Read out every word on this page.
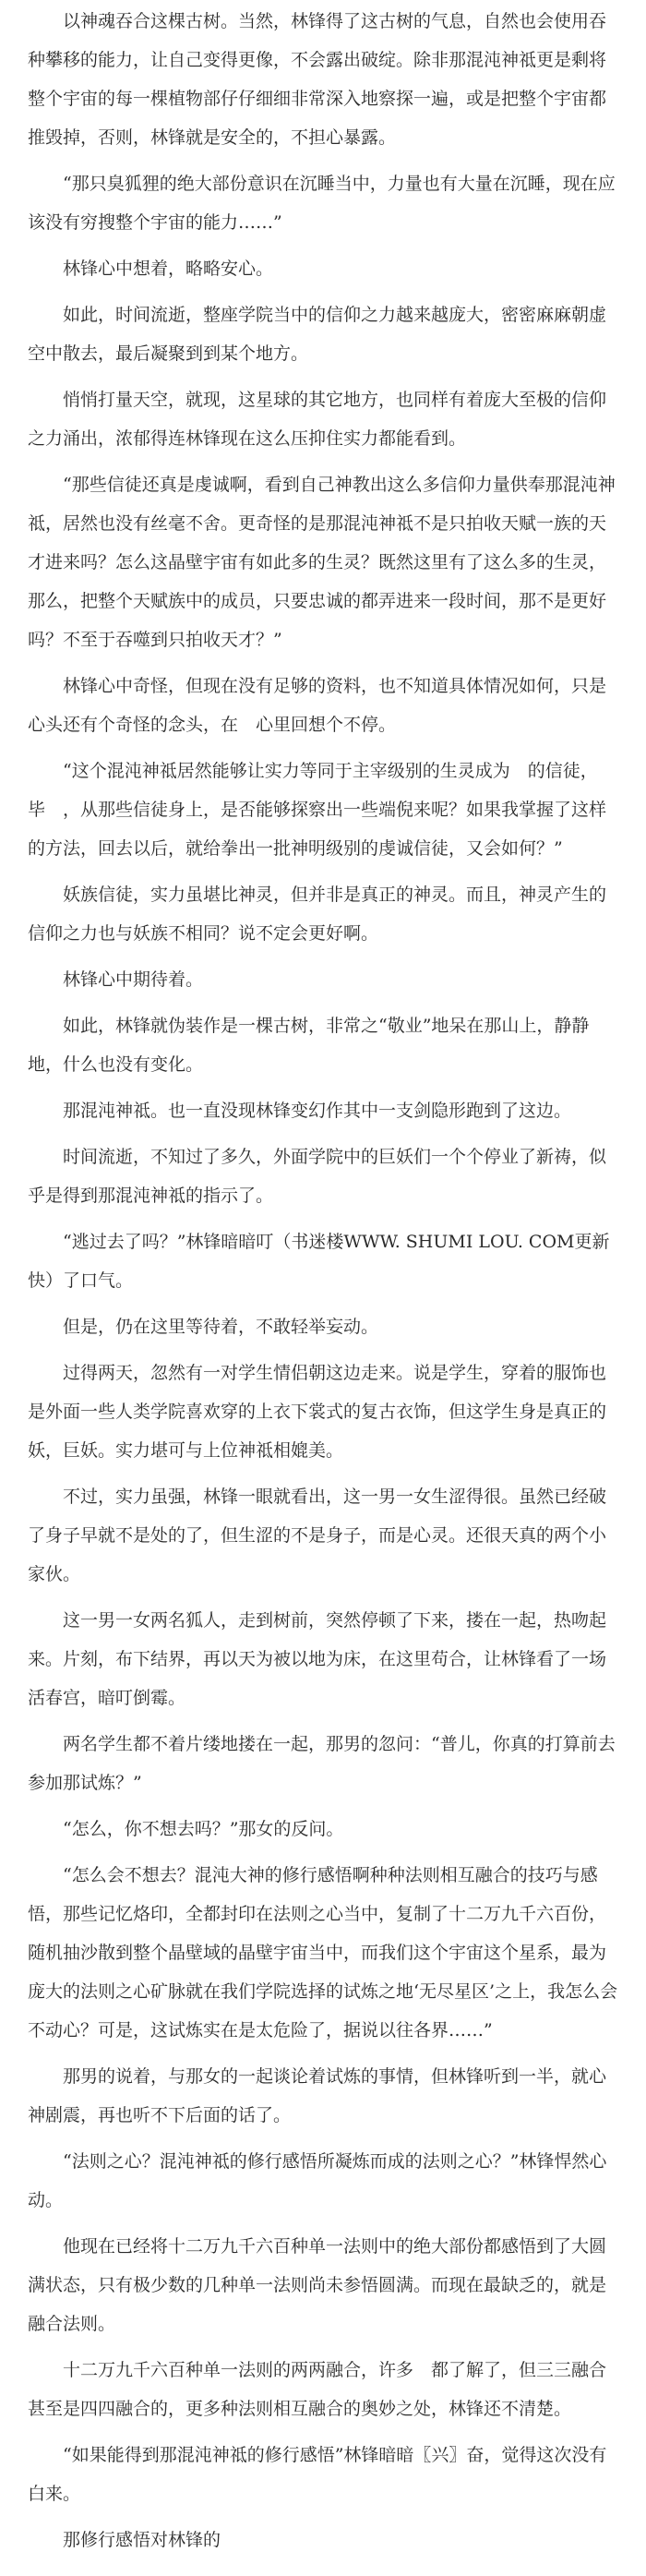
　　以神魂吞合这棵古树。当然，林锋得了这古树的气息，自然也会使用吞种攀移的能力，让自己变得更像，不会露出破绽。除非那混沌神祗更是剩将整个宇宙的每一棵植物部仔仔细细非常深入地察探一遍，或是把整个宇宙都推毁掉，否则，林锋就是安全的，不担心暴露。

　　“那只臭狐狸的绝大部份意识在沉睡当中，力量也有大量在沉睡，现在应该没有穷搜整个宇宙的能力……”

　　林锋心中想着，略略安心。

　　如此，时间流逝，整座学院当中的信仰之力越来越庞大，密密麻麻朝虚空中散去，最后凝聚到到某个地方。

　　悄悄打量天空，就现，这星球的其它地方，也同样有着庞大至极的信仰之力涌出，浓郁得连林锋现在这么压抑住实力都能看到。

　　“那些信徒还真是虔诚啊，看到自己神教出这么多信仰力量供奉那混沌神祗，居然也没有丝毫不舍。更奇怪的是那混沌神祗不是只拍收天赋一族的天才进来吗？怎么这晶壁宇宙有如此多的生灵？既然这里有了这么多的生灵，那么，把整个天赋族中的成员，只要忠诚的都弄进来一段时间，那不是更好吗？不至于吞噬到只拍收天才？”

　　林锋心中奇怪，但现在没有足够的资料，也不知道具体情况如何，只是心头还有个奇怪的念头，在　心里回想个不停。

　　“这个混沌神祗居然能够让实力等同于主宰级别的生灵成为　的信徒，毕　，从那些信徒身上，是否能够探察出一些端倪来呢？如果我掌握了这样的方法，回去以后，就给拳出一批神明级别的虔诚信徒，又会如何？”

　　妖族信徒，实力虽堪比神灵，但并非是真正的神灵。而且，神灵产生的信仰之力也与妖族不相同？说不定会更好啊。

　　林锋心中期待着。

　　如此，林锋就伪装作是一棵古树，非常之“敬业”地呆在那山上，静静地，什么也没有变化。

　　那混沌神祗。也一直没现林锋变幻作其中一支剑隐形跑到了这边。

　　时间流逝，不知过了多久，外面学院中的巨妖们一个个停业了新祷，似乎是得到那混沌神祗的指示了。

　　“逃过去了吗？”林锋暗暗叮（书迷楼WWW. SHUMI LOU. COM更新快）了口气。

　　但是，仍在这里等待着，不敢轻举妄动。

　　过得两天，忽然有一对学生情侣朝这边走来。说是学生，穿着的服饰也是外面一些人类学院喜欢穿的上衣下裳式的复古衣饰，但这学生身是真正的妖，巨妖。实力堪可与上位神祗相媲美。

　　不过，实力虽强，林锋一眼就看出，这一男一女生涩得很。虽然已经破了身子早就不是处的了，但生涩的不是身子，而是心灵。还很天真的两个小家伙。

　　这一男一女两名狐人，走到树前，突然停顿了下来，搂在一起，热吻起来。片刻，布下结界，再以天为被以地为床，在这里苟合，让林锋看了一场活春宫，暗叮倒霉。

　　两名学生都不着片缕地搂在一起，那男的忽问：“普儿，你真的打算前去参加那试炼？”

　　“怎么，你不想去吗？”那女的反问。

　　“怎么会不想去？混沌大神的修行感悟啊种种法则相互融合的技巧与感悟，那些记忆烙印，全都封印在法则之心当中，复制了十二万九千六百份，随机抽沙散到整个晶壁域的晶壁宇宙当中，而我们这个宇宙这个星系，最为庞大的法则之心矿脉就在我们学院选择的试炼之地‘无尽星区’之上，我怎么会不动心？可是，这试炼实在是太危险了，据说以往各界……”

　　那男的说着，与那女的一起谈论着试炼的事情，但林锋听到一半，就心神剧震，再也听不下后面的话了。

　　“法则之心？混沌神祗的修行感悟所凝炼而成的法则之心？”林锋悍然心动。

　　他现在已经将十二万九千六百种单一法则中的绝大部份都感悟到了大圆满状态，只有极少数的几种单一法则尚未参悟圆满。而现在最缺乏的，就是融合法则。

　　十二万九千六百种单一法则的两两融合，许多　都了解了，但三三融合甚至是四四融合的，更多种法则相互融合的奥妙之处，林锋还不清楚。

　　“如果能得到那混沌神祗的修行感悟”林锋暗暗〖兴〗奋，觉得这次没有白来。

　　那修行感悟对林锋的
